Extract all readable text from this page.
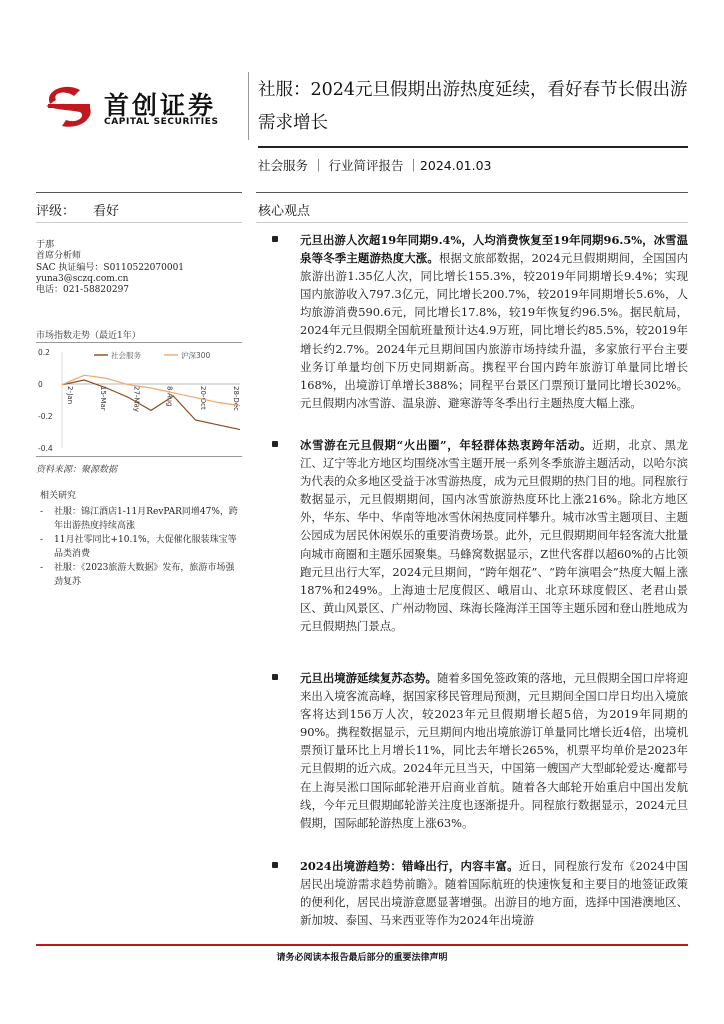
首创证券
CAPITAL SECURITIES
社服：2024元旦假期出游热度延续，看好春节长假出游需求增长
社会服务 ｜ 行业简评报告 ｜2024.01.03
评级： 看好	核心观点
于那
首席分析师
SAC 执证编号：S0110522070001
yuna3@sczq.com.cn
电话：021-58820297
市场指数走势（最近1年）
0.2
0
-0.2
-0.4
2-Jan	15-Mar	27-May	8-Aug	20-Oct	28-Dec
社会服务	沪深300
资料来源：聚源数据
相关研究
- 社服：锦江酒店1-11月RevPAR同增47%，跨年出游热度持续高涨
- 11月社零同比+10.1%，大促催化服装珠宝等品类消费
- 社服：《2023旅游大数据》发布，旅游市场强劲复苏
元旦出游人次超19年同期9.4%，人均消费恢复至19年同期96.5%，冰雪温泉等冬季主题游热度大涨。根据文旅部数据，2024元旦假期期间，全国国内旅游出游1.35亿人次，同比增长155.3%，较2019年同期增长9.4%；实现国内旅游收入797.3亿元，同比增长200.7%，较2019年同期增长5.6%，人均旅游消费590.6元，同比增长17.8%，较19年恢复约96.5%。据民航局，2024年元旦假期全国航班量预计达4.9万班，同比增长约85.5%，较2019年增长约2.7%。2024年元旦期间国内旅游市场持续升温，多家旅行平台主要业务订单量均创下历史同期新高。携程平台国内跨年旅游订单量同比增长168%，出境游订单增长388%；同程平台景区门票预订量同比增长302%。元旦假期内冰雪游、温泉游、避寒游等冬季出行主题热度大幅上涨。
冰雪游在元旦假期“火出圈”，年轻群体热衷跨年活动。近期，北京、黑龙江、辽宁等北方地区均围绕冰雪主题开展一系列冬季旅游主题活动，以哈尔滨为代表的众多地区受益于冰雪游热度，成为元旦假期的热门目的地。同程旅行数据显示，元旦假期期间，国内冰雪旅游热度环比上涨216%。除北方地区外，华东、华中、华南等地冰雪休闲热度同样攀升。城市冰雪主题项目、主题公园成为居民休闲娱乐的重要消费场景。此外，元旦假期期间年轻客流大批量向城市商圈和主题乐园聚集。马蜂窝数据显示，Z世代客群以超60%的占比领跑元旦出行大军，2024元旦期间，“跨年烟花”、“跨年演唱会”热度大幅上涨187%和249%。上海迪士尼度假区、峨眉山、北京环球度假区、老君山景区、黄山风景区、广州动物园、珠海长隆海洋王国等主题乐园和登山胜地成为元旦假期热门景点。
元旦出境游延续复苏态势。随着多国免签政策的落地，元旦假期全国口岸将迎来出入境客流高峰，据国家移民管理局预测，元旦期间全国口岸日均出入境旅客将达到156万人次，较2023年元旦假期增长超5倍，为2019年同期的90%。携程数据显示，元旦期间内地出境旅游订单量同比增长近4倍，出境机票预订量环比上月增长11%，同比去年增长265%，机票平均单价是2023年元旦假期的近六成。2024年元旦当天，中国第一艘国产大型邮轮爱达·魔都号在上海吴淞口国际邮轮港开启商业首航。随着各大邮轮开始重启中国出发航线，今年元旦假期邮轮游关注度也逐渐提升。同程旅行数据显示，2024元旦假期，国际邮轮游热度上涨63%。
2024出境游趋势：错峰出行，内容丰富。近日，同程旅行发布《2024中国居民出境游需求趋势前瞻》。随着国际航班的快速恢复和主要目的地签证政策的便利化，居民出境游意愿显著增强。出游目的地方面，选择中国港澳地区、新加坡、泰国、马来西亚等作为2024年出境游
请务必阅读本报告最后部分的重要法律声明
